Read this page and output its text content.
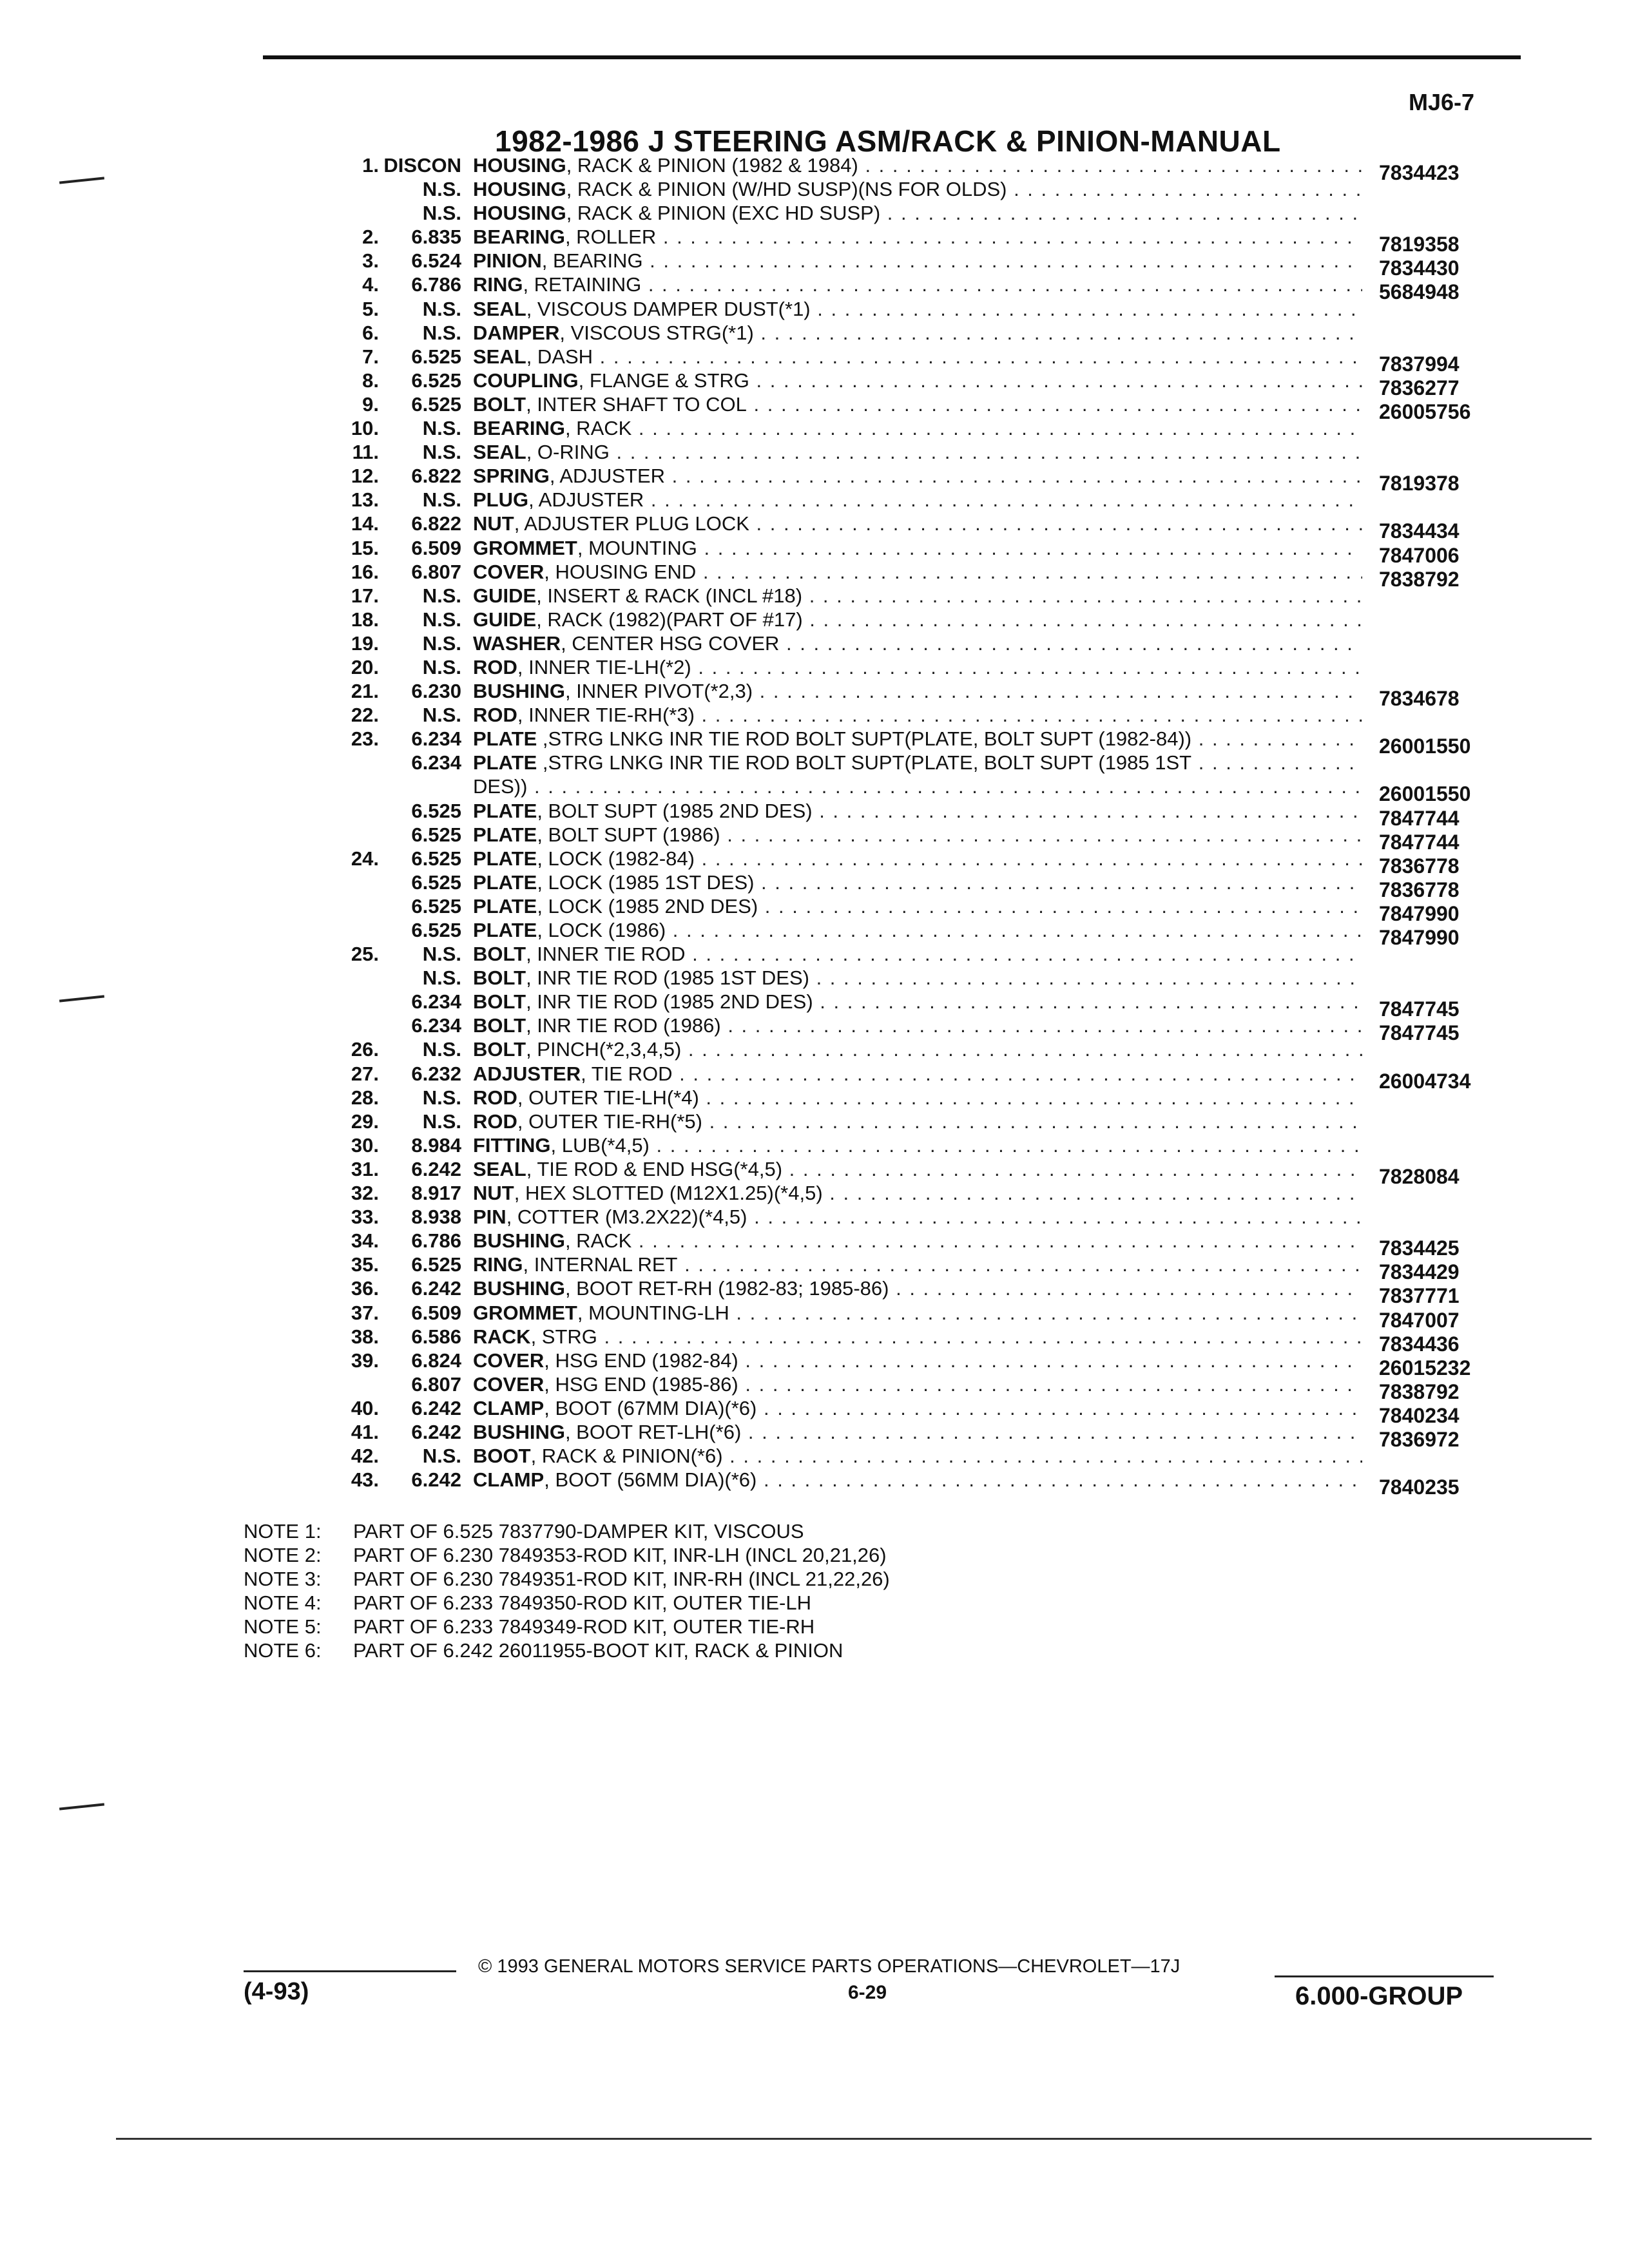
MJ6-7
1982-1986 J STEERING ASM/RACK & PINION-MANUAL
1. DISCON HOUSING, RACK & PINION (1982 & 1984) . . .	7834423
N.S. HOUSING, RACK & PINION (W/HD SUSP)(NS FOR OLDS) . . .
N.S. HOUSING, RACK & PINION (EXC HD SUSP) . . .
2. 6.835 BEARING, ROLLER . . .	7819358
3. 6.524 PINION, BEARING . . .	7834430
4. 6.786 RING, RETAINING . . .	5684948
5. N.S. SEAL, VISCOUS DAMPER DUST(*1) . . .
6. N.S. DAMPER, VISCOUS STRG(*1) . . .
7. 6.525 SEAL, DASH . . .	7837994
8. 6.525 COUPLING, FLANGE & STRG . . .	7836277
9. 6.525 BOLT, INTER SHAFT TO COL . . .	26005756
10. N.S. BEARING, RACK . . .
11. N.S. SEAL, O-RING . . .
12. 6.822 SPRING, ADJUSTER . . .	7819378
13. N.S. PLUG, ADJUSTER . . .
14. 6.822 NUT, ADJUSTER PLUG LOCK . . .	7834434
15. 6.509 GROMMET, MOUNTING . . .	7847006
16. 6.807 COVER, HOUSING END . . .	7838792
17. N.S. GUIDE, INSERT & RACK (INCL #18) . . .
18. N.S. GUIDE, RACK (1982)(PART OF #17) . . .
19. N.S. WASHER, CENTER HSG COVER . . .
20. N.S. ROD, INNER TIE-LH(*2) . . .
21. 6.230 BUSHING, INNER PIVOT(*2,3) . . .	7834678
22. N.S. ROD, INNER TIE-RH(*3) . . .
23. 6.234 PLATE ,STRG LNKG INR TIE ROD BOLT SUPT(PLATE, BOLT SUPT (1982-84)) . . .	26001550
6.234 PLATE ,STRG LNKG INR TIE ROD BOLT SUPT(PLATE, BOLT SUPT (1985 1ST . . .
DES)) . . .	26001550
6.525 PLATE, BOLT SUPT (1985 2ND DES) . . .	7847744
6.525 PLATE, BOLT SUPT (1986) . . .	7847744
24. 6.525 PLATE, LOCK (1982-84) . . .	7836778
6.525 PLATE, LOCK (1985 1ST DES) . . .	7836778
6.525 PLATE, LOCK (1985 2ND DES) . . .	7847990
6.525 PLATE, LOCK (1986) . . .	7847990
25. N.S. BOLT, INNER TIE ROD . . .
N.S. BOLT, INR TIE ROD (1985 1ST DES) . . .
6.234 BOLT, INR TIE ROD (1985 2ND DES) . . .	7847745
6.234 BOLT, INR TIE ROD (1986) . . .	7847745
26. N.S. BOLT, PINCH(*2,3,4,5) . . .
27. 6.232 ADJUSTER, TIE ROD . . .	26004734
28. N.S. ROD, OUTER TIE-LH(*4) . . .
29. N.S. ROD, OUTER TIE-RH(*5) . . .
30. 8.984 FITTING, LUB(*4,5) . . .
31. 6.242 SEAL, TIE ROD & END HSG(*4,5) . . .	7828084
32. 8.917 NUT, HEX SLOTTED (M12X1.25)(*4,5) . . .
33. 8.938 PIN, COTTER (M3.2X22)(*4,5) . . .
34. 6.786 BUSHING, RACK . . .	7834425
35. 6.525 RING, INTERNAL RET . . .	7834429
36. 6.242 BUSHING, BOOT RET-RH (1982-83; 1985-86) . . .	7837771
37. 6.509 GROMMET, MOUNTING-LH . . .	7847007
38. 6.586 RACK, STRG . . .	7834436
39. 6.824 COVER, HSG END (1982-84) . . .	26015232
6.807 COVER, HSG END (1985-86) . . .	7838792
40. 6.242 CLAMP, BOOT (67MM DIA)(*6) . . .	7840234
41. 6.242 BUSHING, BOOT RET-LH(*6) . . .	7836972
42. N.S. BOOT, RACK & PINION(*6) . . .
43. 6.242 CLAMP, BOOT (56MM DIA)(*6) . . .	7840235
NOTE 1: PART OF 6.525 7837790-DAMPER KIT, VISCOUS
NOTE 2: PART OF 6.230 7849353-ROD KIT, INR-LH (INCL 20,21,26)
NOTE 3: PART OF 6.230 7849351-ROD KIT, INR-RH (INCL 21,22,26)
NOTE 4: PART OF 6.233 7849350-ROD KIT, OUTER TIE-LH
NOTE 5: PART OF 6.233 7849349-ROD KIT, OUTER TIE-RH
NOTE 6: PART OF 6.242 26011955-BOOT KIT, RACK & PINION
© 1993 GENERAL MOTORS SERVICE PARTS OPERATIONS—CHEVROLET—17J
(4-93)	6-29	6.000-GROUP
